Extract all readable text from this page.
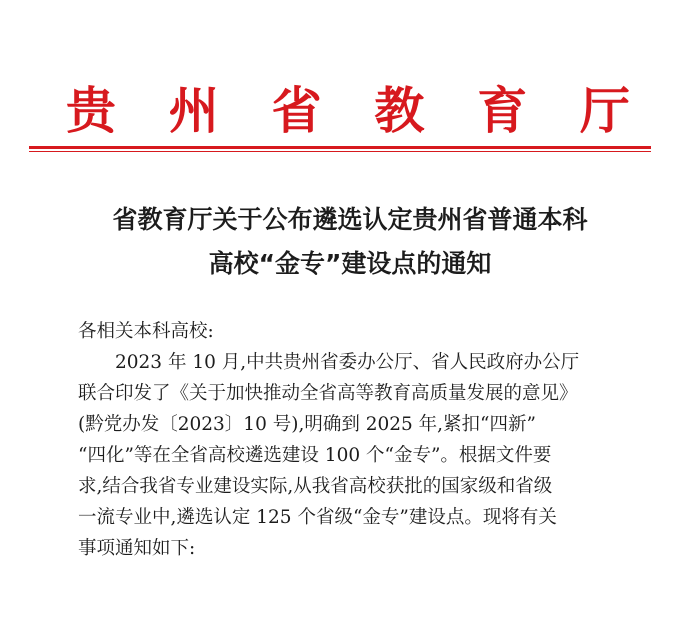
贵 州 省 教 育 厅
省教育厅关于公布遴选认定贵州省普通本科
高校“金专”建设点的通知
各相关本科高校:
2023 年 10 月,中共贵州省委办公厅、省人民政府办公厅
联合印发了《关于加快推动全省高等教育高质量发展的意见》
(黔党办发〔2023〕10 号),明确到 2025 年,紧扣“四新”
“四化”等在全省高校遴选建设 100 个“金专”。根据文件要
求,结合我省专业建设实际,从我省高校获批的国家级和省级
一流专业中,遴选认定 125 个省级“金专”建设点。现将有关
事项通知如下:
